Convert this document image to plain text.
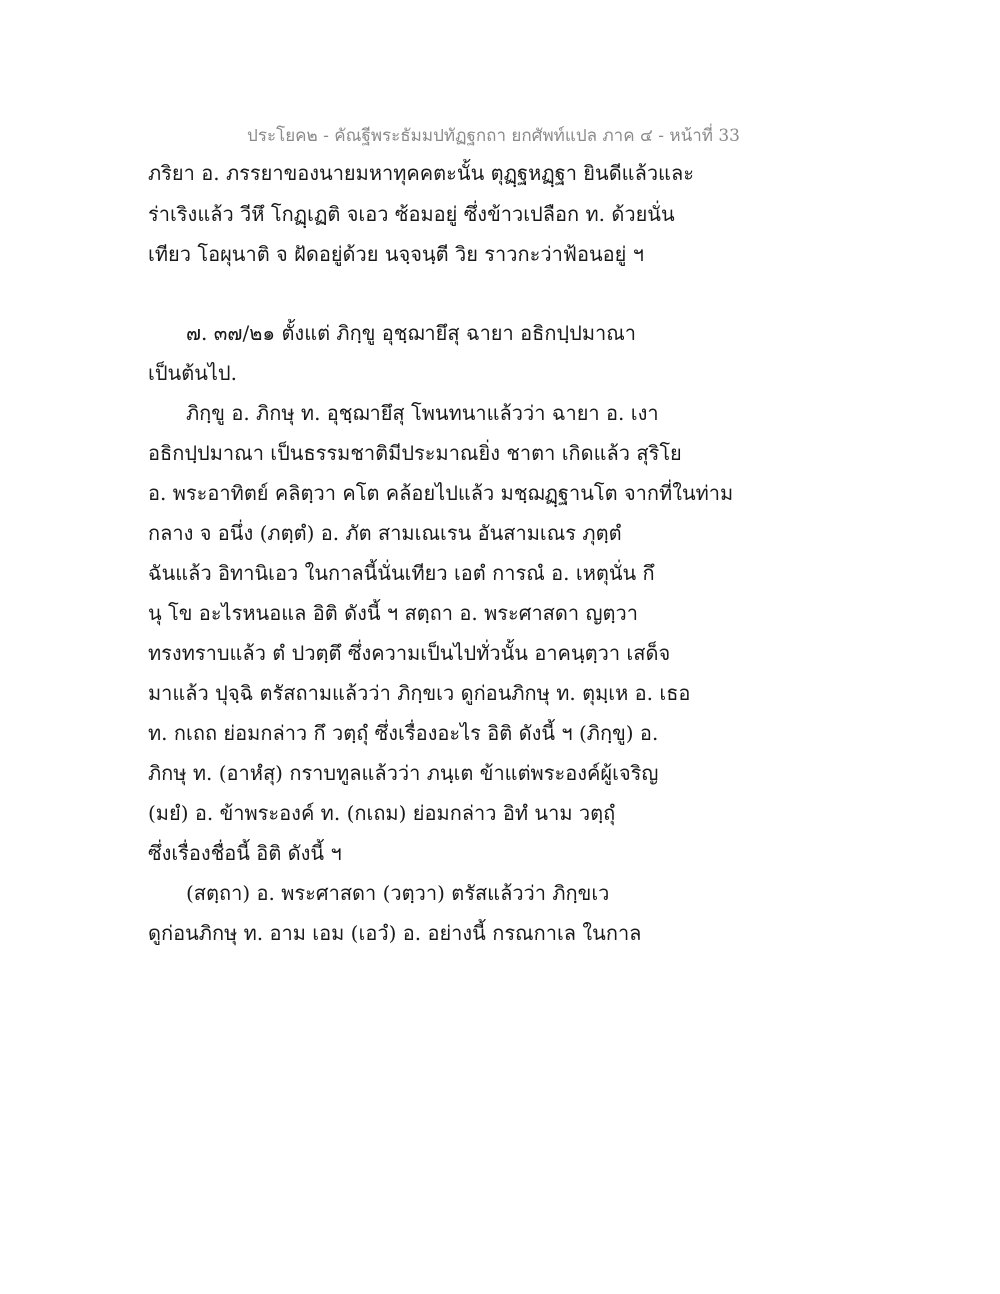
ประโยค๒ - คัณฐีพระธัมมปทัฏฐกถา ยกศัพท์แปล ภาค ๔ - หน้าที่ 33
ภริยา อ. ภรรยาของนายมหาทุคคตะนั้น ตุฏฺฐหฏฺฐา ยินดีแล้วและ
ร่าเริงแล้ว วีหึ โกฏฺเฏติ จเอว ซ้อมอยู่ ซึ่งข้าวเปลือก ท. ด้วยนั่น
เทียว โอผุนาติ จ ฝัดอยู่ด้วย นจฺจนฺตี วิย ราวกะว่าฟ้อนอยู่ ฯ
๗. ๓๗/๒๑ ตั้งแต่ ภิกฺขู อุชฺฌายึสุ ฉายา อธิกปฺปมาณา
เป็นต้นไป.
ภิกฺขู อ. ภิกษุ ท. อุชฺฌายึสุ โพนทนาแล้วว่า ฉายา อ. เงา
อธิกปฺปมาณา เป็นธรรมชาติมีประมาณยิ่ง ชาตา เกิดแล้ว สุริโย
อ. พระอาทิตย์ คลิตฺวา คโต คล้อยไปแล้ว มชฺฌฏฺฐานโต จากที่ในท่าม
กลาง จ อนึ่ง (ภตฺตํ) อ. ภัต สามเณเรน อันสามเณร ภุตฺตํ
ฉันแล้ว อิทานิเอว ในกาลนี้นั่นเทียว เอตํ การณํ อ. เหตุนั่น กึ
นุ โข อะไรหนอแล อิติ ดังนี้ ฯ สตฺถา อ. พระศาสดา ญตฺวา
ทรงทราบแล้ว ตํ ปวตฺตึ ซึ่งความเป็นไปทั่วนั้น อาคนฺตฺวา เสด็จ
มาแล้ว ปุจฺฉิ ตรัสถามแล้วว่า ภิกฺขเว ดูก่อนภิกษุ ท. ตุมฺเห อ. เธอ
ท. กเถถ ย่อมกล่าว กึ วตฺถุํ ซึ่งเรื่องอะไร อิติ ดังนี้ ฯ (ภิกฺขู) อ.
ภิกษุ ท. (อาหํสุ) กราบทูลแล้วว่า ภนฺเต ข้าแต่พระองค์ผู้เจริญ
(มยํ) อ. ข้าพระองค์ ท. (กเถม) ย่อมกล่าว อิทํ นาม วตฺถุํ
ซึ่งเรื่องชื่อนี้ อิติ ดังนี้ ฯ
(สตฺถา) อ. พระศาสดา (วตฺวา) ตรัสแล้วว่า ภิกฺขเว
ดูก่อนภิกษุ ท. อาม เอม (เอวํ) อ. อย่างนี้ กรณกาเล ในกาล
